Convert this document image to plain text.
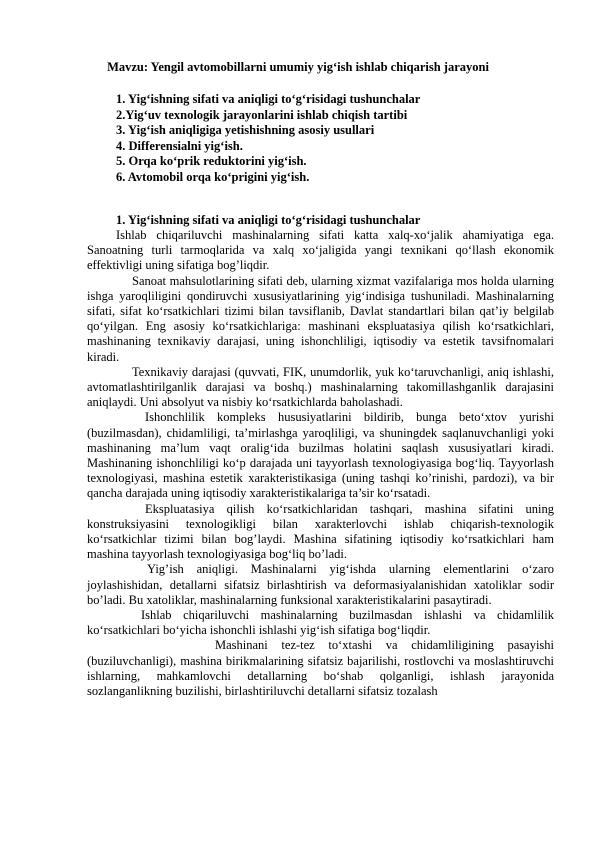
Mavzu: Yengil avtomobillarni umumiy yig‘ish ishlab chiqarish jarayoni
1. Yig‘ishning sifati va aniqligi to‘g‘risidagi tushunchalar
2.Yig‘uv texnologik jarayonlarini ishlab chiqish tartibi
3. Yig‘ish aniqligiga yetishishning asosiy usullari
4. Differensialni yig‘ish.
5. Orqa ko‘prik reduktorini yig‘ish.
6. Avtomobil orqa ko‘prigini yig‘ish.
1. Yig‘ishning sifati va aniqligi to‘g‘risidagi tushunchalar

Ishlab chiqariluvchi mashinalarning sifati katta xalq-xo‘jalik ahamiyatiga ega. Sanoatning turli tarmoqlarida va xalq xo‘jaligida yangi texnikani qo‘llash ekonomik effektivligi uning sifatiga bog’liqdir.

Sanoat mahsulotlarining sifati deb, ularning xizmat vazifalariga mos holda ularning ishga yaroqliligini qondiruvchi xususiyatlarining yig‘indisiga tushuniladi. Mashinalarning sifati, sifat ko‘rsatkichlari tizimi bilan tavsiflanib, Davlat standartlari bilan qat’iy belgilab qo‘yilgan. Eng asosiy ko‘rsatkichlariga: mashinani ekspluatasiya qilish ko‘rsatkichlari, mashinaning texnikaviy darajasi, uning ishonchliligi, iqtisodiy va estetik tavsifnomalari kiradi.

Texnikaviy darajasi (quvvati, FIK, unumdorlik, yuk ko‘taruvchanligi, aniq ishlashi, avtomatlashtirilganlik darajasi va boshq.) mashinalarning takomillashganlik darajasini aniqlaydi. Uni absolyut va nisbiy ko‘rsatkichlarda baholashadi.

Ishonchlilik kompleks hususiyatlarini bildirib, bunga beto‘xtov yurishi (buzilmasdan), chidamliligi, ta’mirlashga yaroqliligi, va shuningdek saqlanuvchanligi yoki mashinaning ma’lum vaqt oralig‘ida buzilmas holatini saqlash xususiyatlari kiradi. Mashinaning ishonchliligi ko‘p darajada uni tayyorlash texnologiyasiga bog‘liq. Tayyorlash texnologiyasi, mashina estetik xarakteristikasiga (uning tashqi ko’rinishi, pardozi), va bir qancha darajada uning iqtisodiy xarakteristikalariga ta’sir ko‘rsatadi.

Ekspluatasiya qilish ko‘rsatkichlaridan tashqari, mashina sifatini uning konstruksiyasini texnologikligi bilan xarakterlovchi ishlab chiqarish-texnologik ko‘rsatkichlar tizimi bilan bog’laydi. Mashina sifatining iqtisodiy ko‘rsatkichlari ham mashina tayyorlash texnologiyasiga bog‘liq bo’ladi.

Yig’ish aniqligi. Mashinalarni yig‘ishda ularning elementlarini o‘zaro joylashishidan, detallarni sifatsiz birlashtirish va deformasiyalanishidan xatoliklar sodir bo’ladi. Bu xatoliklar, mashinalarning funksional xarakteristikalarini pasaytiradi.

Ishlab chiqariluvchi mashinalarning buzilmasdan ishlashi va chidamlilik ko‘rsatkichlari bo‘yicha ishonchli ishlashi yig‘ish sifatiga bog‘liqdir.

Mashinani tez-tez to‘xtashi va chidamliligining pasayishi (buziluvchanligi), mashina birikmalarining sifatsiz bajarilishi, rostlovchi va moslashtiruvchi ishlarning, mahkamlovchi detallarning bo‘shab qolganligi, ishlash jarayonida sozlanganlikning buzilishi, birlashtiriluvchi detallarni sifatsiz tozalash
